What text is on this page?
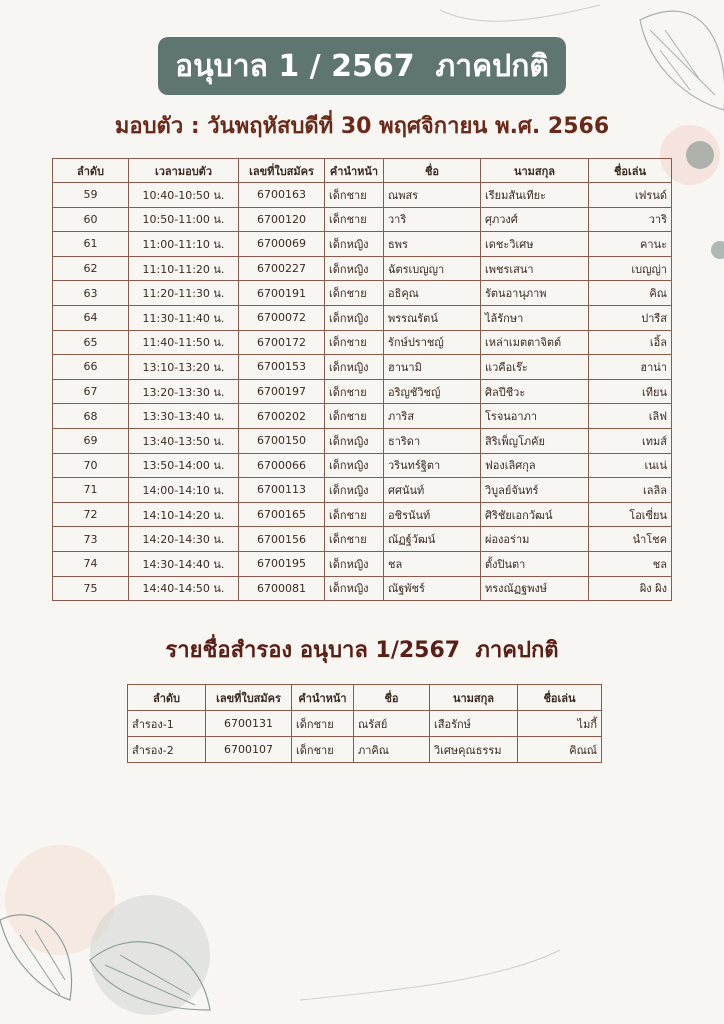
อนุบาล 1 / 2567  ภาคปกติ
มอบตัว : วันพฤหัสบดีที่ 30 พฤศจิกายน พ.ศ. 2566
ลำดับ	เวลามอบตัว	เลขที่ใบสมัคร	คำนำหน้า	ชื่อ	นามสกุล	ชื่อเล่น
59	10:40-10:50 น.	6700163	เด็กชาย	ณพสร	เรียมสันเทียะ	เฟรนด์
60	10:50-11:00 น.	6700120	เด็กชาย	วาริ	ศุภวงศ์	วาริ
61	11:00-11:10 น.	6700069	เด็กหญิง	ธพร	เดชะวิเศษ	คานะ
62	11:10-11:20 น.	6700227	เด็กหญิง	ฉัตรเบญญา	เพชรเสนา	เบญญ่า
63	11:20-11:30 น.	6700191	เด็กชาย	อธิคุณ	รัตนอานุภาพ	คิณ
64	11:30-11:40 น.	6700072	เด็กหญิง	พรรณรัตน์	ไล้รักษา	ปารีส
65	11:40-11:50 น.	6700172	เด็กชาย	รักษ์ปราชญ์	เหล่าเมตตาจิตต์	เอิ้ล
66	13:10-13:20 น.	6700153	เด็กหญิง	ฮานามิ	แวคือเร๊ะ	ฮาน่า
67	13:20-13:30 น.	6700197	เด็กชาย	อริญชัวิชญ์	ศิลปีชีวะ	เทียน
68	13:30-13:40 น.	6700202	เด็กชาย	ภาริส	โรจนอาภา	เลิฟ
69	13:40-13:50 น.	6700150	เด็กหญิง	ธาริดา	สิริเพ็ญโภคัย	เทมส์
70	13:50-14:00 น.	6700066	เด็กหญิง	วรินทร์ฐิตา	ฟองเลิศกุล	เนเน่
71	14:00-14:10 น.	6700113	เด็กหญิง	ศศนันท์	วิบูลย์จันทร์	เลลิล
72	14:10-14:20 น.	6700165	เด็กชาย	อชิรนันท์	ศิริชัยเอกวัฒน์	โอเซี่ยน
73	14:20-14:30 น.	6700156	เด็กชาย	ณัฏฐ์วัฒน์	ผ่องอร่าม	นำโชค
74	14:30-14:40 น.	6700195	เด็กหญิง	ชล	ตั้งปินตา	ชล
75	14:40-14:50 น.	6700081	เด็กหญิง	ณัฐพัชร์	ทรงณัฏฐพงษ์	ผิง ผิง
รายชื่อสำรอง อนุบาล 1/2567  ภาคปกติ
ลำดับ	เลขที่ใบสมัคร	คำนำหน้า	ชื่อ	นามสกุล	ชื่อเล่น
สำรอง-1	6700131	เด็กชาย	ณรัสย์	เสือรักษ์	ไมกี้
สำรอง-2	6700107	เด็กชาย	ภาคิณ	วิเศษคุณธรรม	คิณณ์
